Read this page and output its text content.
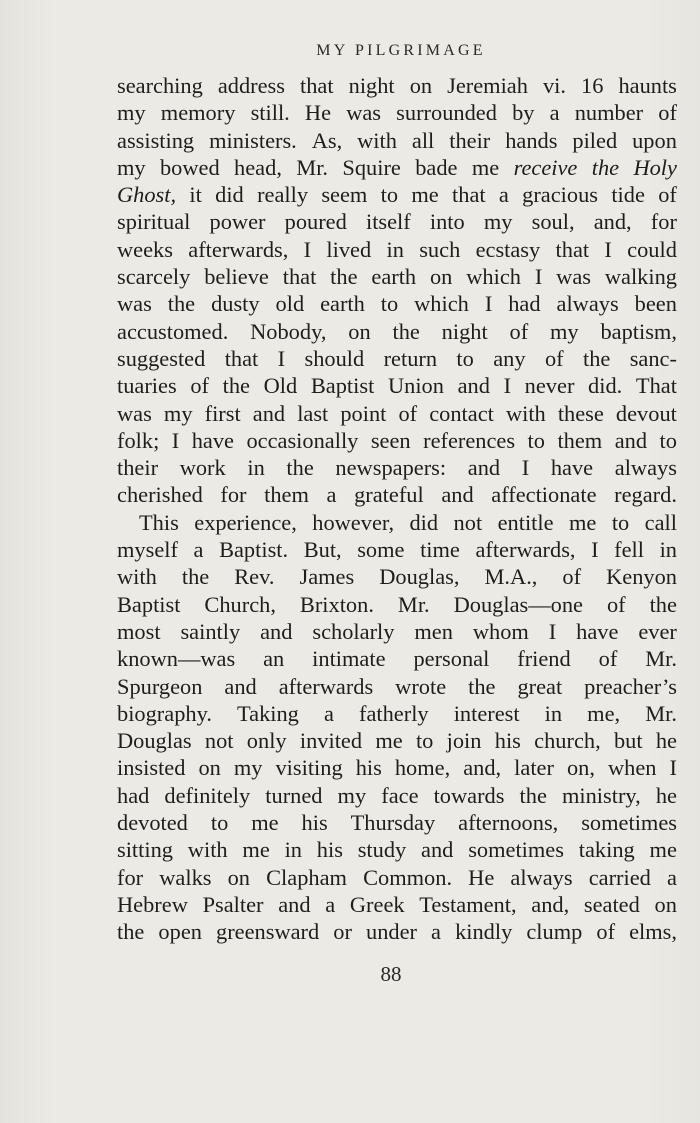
MY PILGRIMAGE
searching address that night on Jeremiah vi. 16 haunts
my memory still. He was surrounded by a number of
assisting ministers. As, with all their hands piled upon
my bowed head, Mr. Squire bade me receive the Holy
Ghost, it did really seem to me that a gracious tide of
spiritual power poured itself into my soul, and, for
weeks afterwards, I lived in such ecstasy that I could
scarcely believe that the earth on which I was walking
was the dusty old earth to which I had always been
accustomed. Nobody, on the night of my baptism,
suggested that I should return to any of the sanc-
tuaries of the Old Baptist Union and I never did. That
was my first and last point of contact with these devout
folk; I have occasionally seen references to them and to
their work in the newspapers: and I have always
cherished for them a grateful and affectionate regard.
This experience, however, did not entitle me to call
myself a Baptist. But, some time afterwards, I fell in
with the Rev. James Douglas, M.A., of Kenyon
Baptist Church, Brixton. Mr. Douglas—one of the
most saintly and scholarly men whom I have ever
known—was an intimate personal friend of Mr.
Spurgeon and afterwards wrote the great preacher’s
biography. Taking a fatherly interest in me, Mr.
Douglas not only invited me to join his church, but he
insisted on my visiting his home, and, later on, when I
had definitely turned my face towards the ministry, he
devoted to me his Thursday afternoons, sometimes
sitting with me in his study and sometimes taking me
for walks on Clapham Common. He always carried a
Hebrew Psalter and a Greek Testament, and, seated on
the open greensward or under a kindly clump of elms,
88
